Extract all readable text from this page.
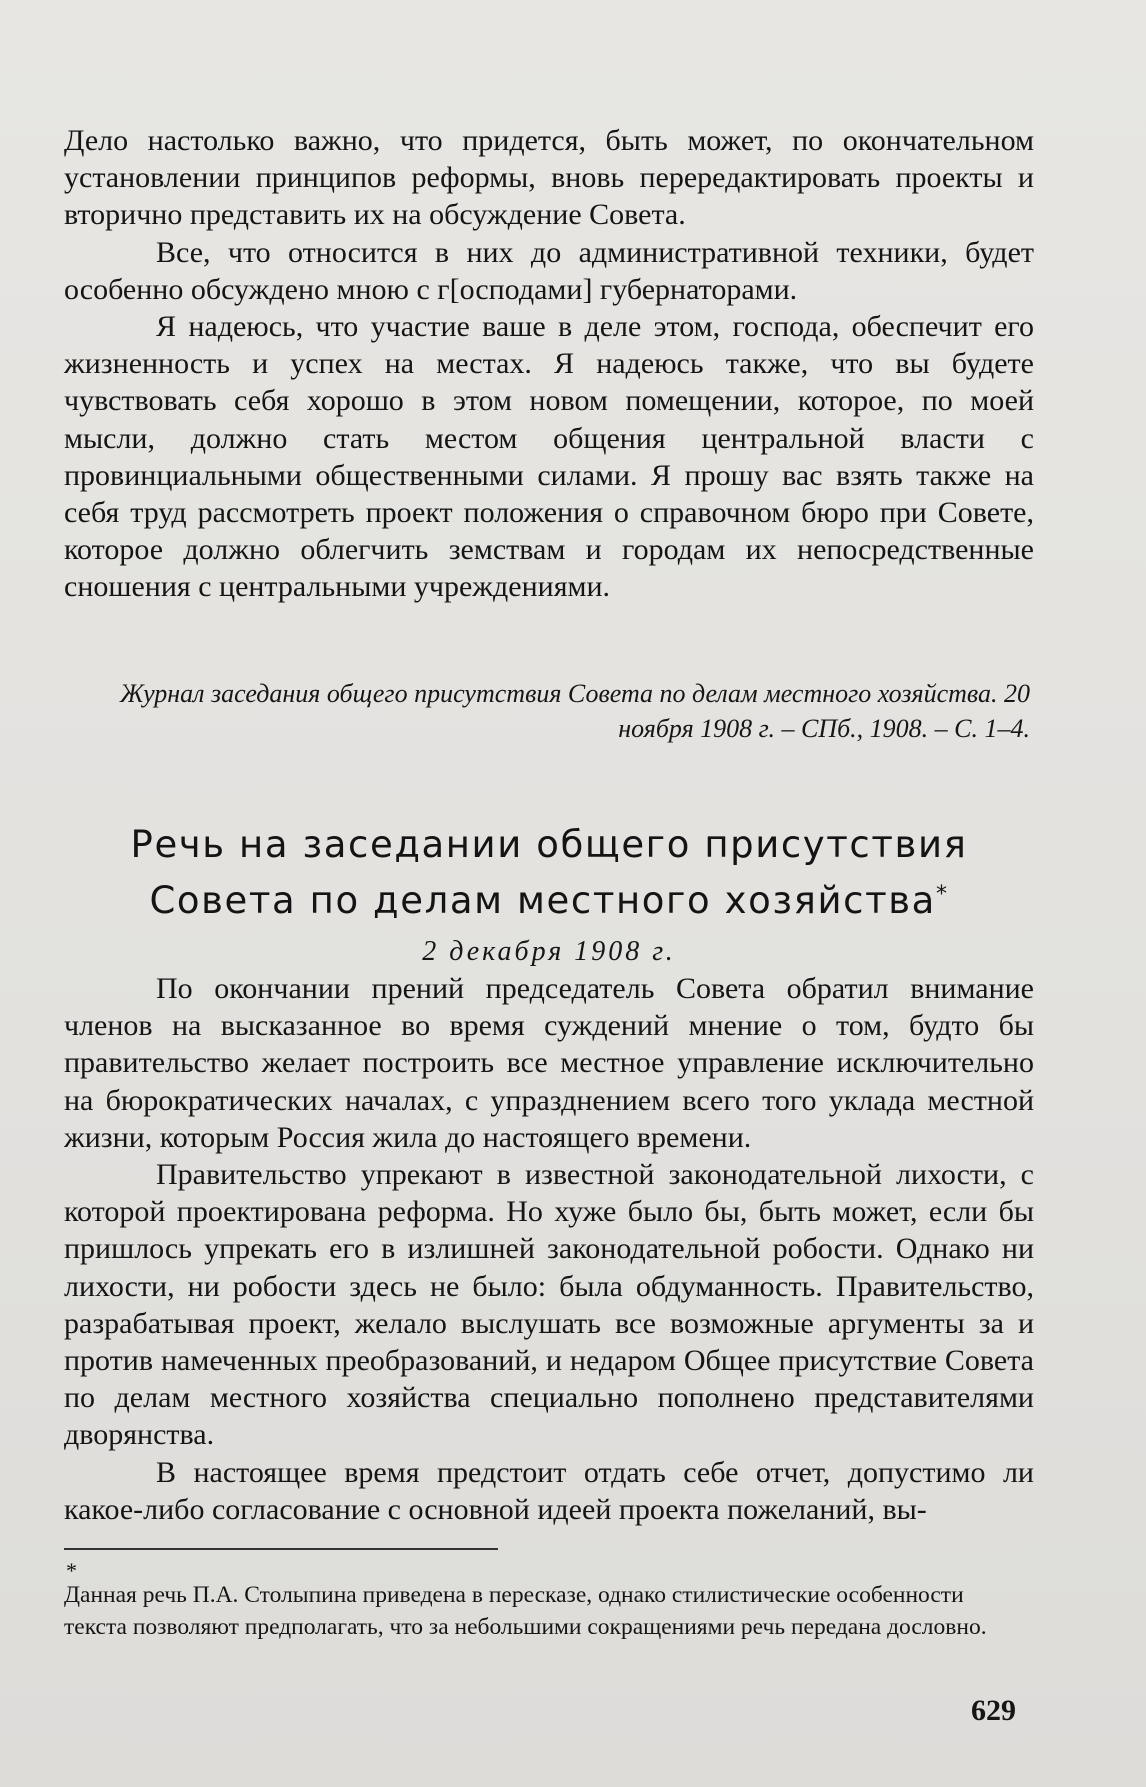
Дело настолько важно, что придется, быть может, по окончательном установлении принципов реформы, вновь перередактировать проекты и вторично представить их на обсуждение Совета.

Все, что относится в них до административной техники, будет особенно обсуждено мною с г[осподами] губернаторами.

Я надеюсь, что участие ваше в деле этом, господа, обеспечит его жизненность и успех на местах. Я надеюсь также, что вы будете чувствовать себя хорошо в этом новом помещении, которое, по моей мысли, должно стать местом общения центральной власти с провинциальными общественными силами. Я прошу вас взять также на себя труд рассмотреть проект положения о справочном бюро при Совете, которое должно облегчить земствам и городам их непосредственные сношения с центральными учреждениями.

Журнал заседания общего присутствия Совета по делам местного хозяйства. 20 ноября 1908 г. – СПб., 1908. – С. 1–4.
Речь на заседании общего присутствия
Совета по делам местного хозяйства*
2 декабря 1908 г.

По окончании прений председатель Совета обратил внимание членов на высказанное во время суждений мнение о том, будто бы правительство желает построить все местное управление исключительно на бюрократических началах, с упразднением всего того уклада местной жизни, которым Россия жила до настоящего времени.

Правительство упрекают в известной законодательной лихости, с которой проектирована реформа. Но хуже было бы, быть может, если бы пришлось упрекать его в излишней законодательной робости. Однако ни лихости, ни робости здесь не было: была обдуманность. Правительство, разрабатывая проект, желало выслушать все возможные аргументы за и против намеченных преобразований, и недаром Общее присутствие Совета по делам местного хозяйства специально пополнено представителями дворянства.

В настоящее время предстоит отдать себе отчет, допустимо ли какое-либо согласование с основной идеей проекта пожеланий, вы-

*
Данная речь П.А. Столыпина приведена в пересказе, однако стилистические особенности текста позволяют предполагать, что за небольшими сокращениями речь передана дословно.
629
